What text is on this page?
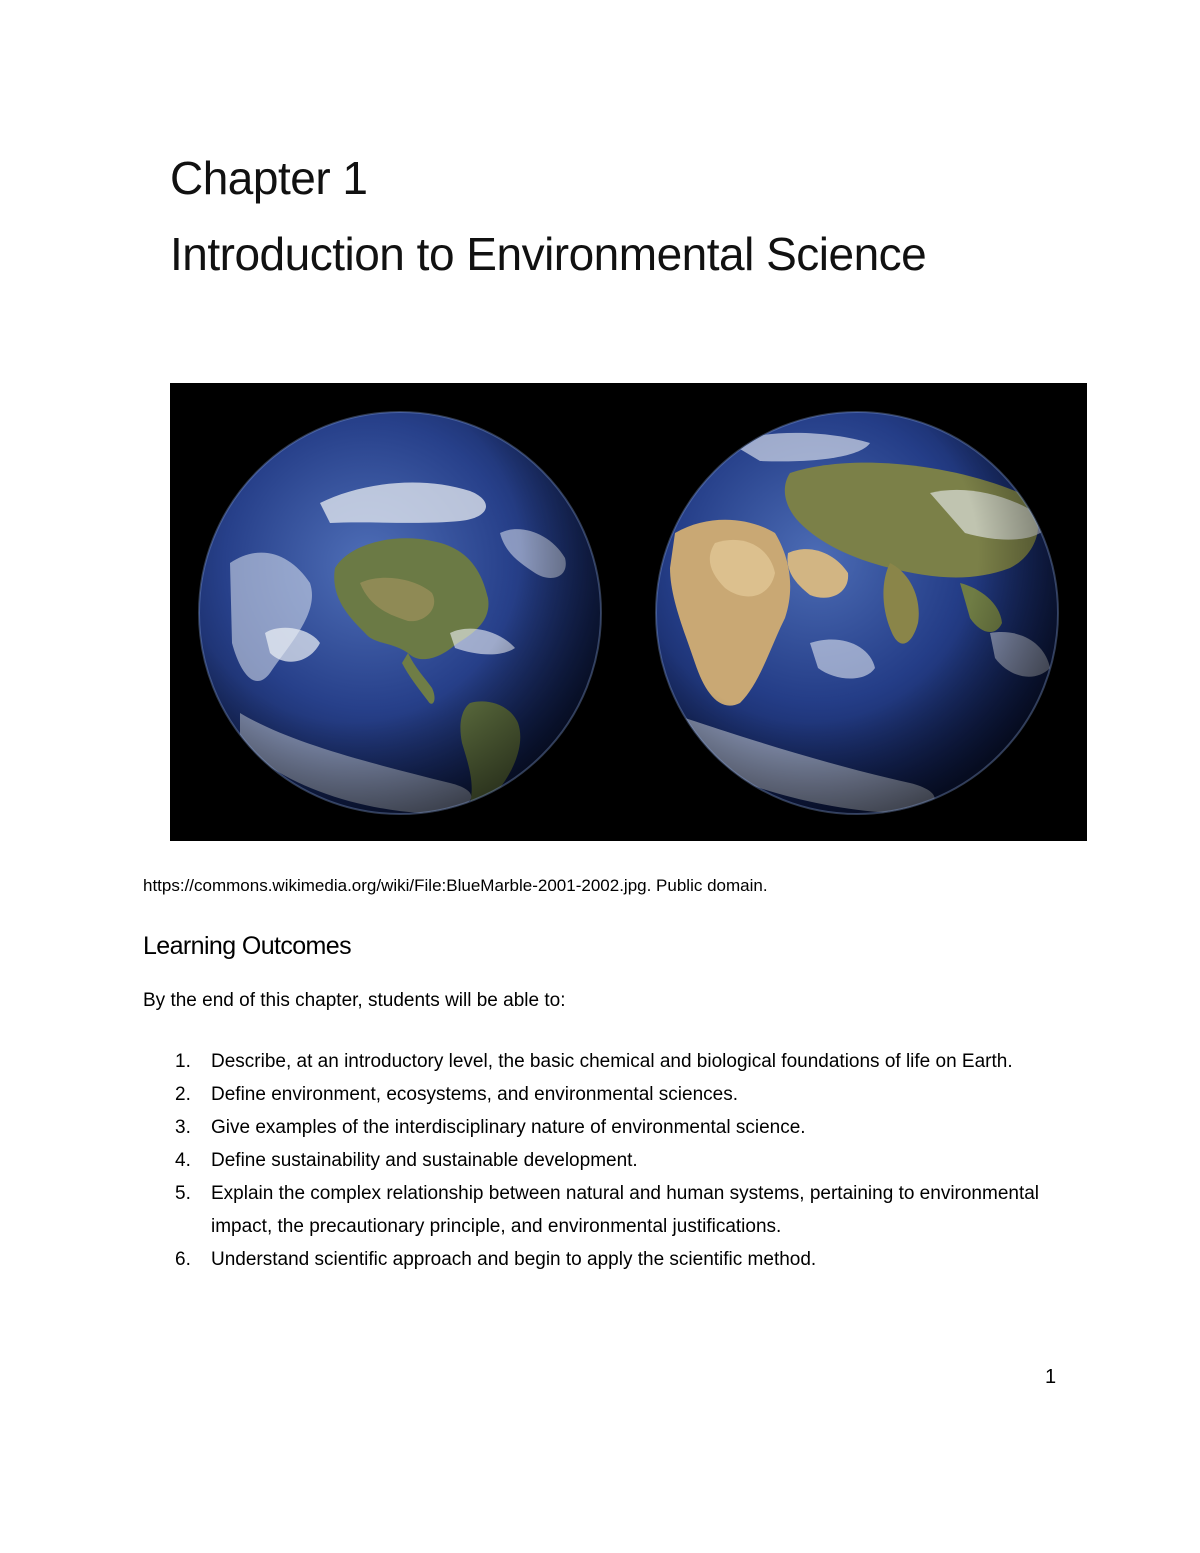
Chapter 1
Introduction to Environmental Science
https://commons.wikimedia.org/wiki/File:BlueMarble-2001-2002.jpg. Public domain.
Learning Outcomes
By the end of this chapter, students will be able to:
1. Describe, at an introductory level, the basic chemical and biological foundations of life on Earth.
2. Define environment, ecosystems, and environmental sciences.
3. Give examples of the interdisciplinary nature of environmental science.
4. Define sustainability and sustainable development.
5. Explain the complex relationship between natural and human systems, pertaining to environmental impact, the precautionary principle, and environmental justifications.
6. Understand scientific approach and begin to apply the scientific method.
1
